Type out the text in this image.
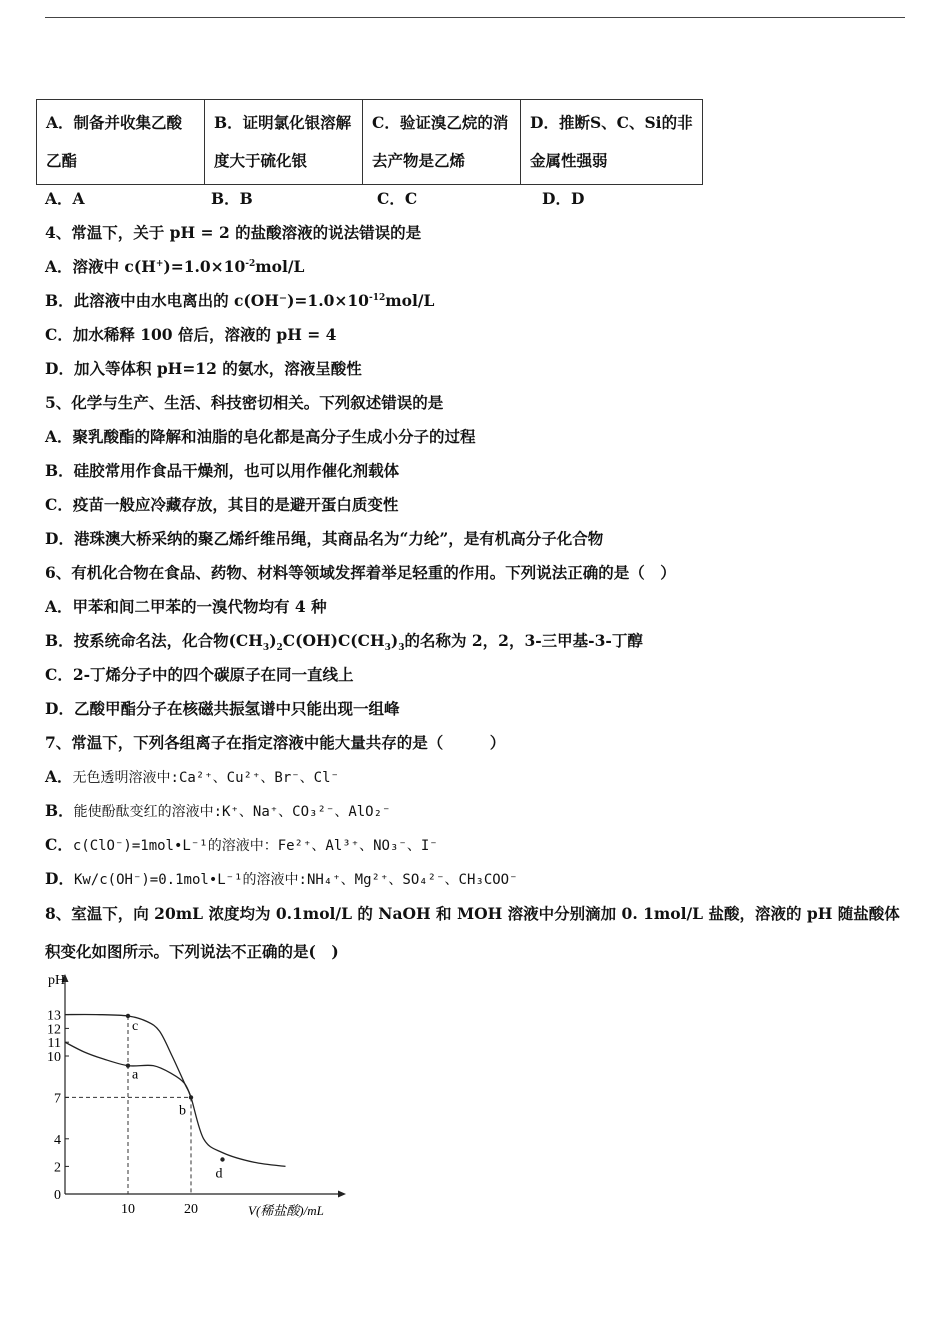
A．制备并收集乙酸乙酯	B．证明氯化银溶解度大于硫化银	C．验证溴乙烷的消去产物是乙烯	D．推断S、C、Si的非金属性强弱
A．A	B．B	C．C	D．D
4、常温下，关于 pH = 2 的盐酸溶液的说法错误的是
A．溶液中 $c(H^+)=1.0\times 10^{-2}mol/L$
B．此溶液中由水电离出的 $c(OH^-)=1.0\times 10^{-12}mol/L$
C．加水稀释 100 倍后，溶液的 pH = 4
D．加入等体积 pH=12 的氨水，溶液呈酸性
5、化学与生产、生活、科技密切相关。下列叙述错误的是
A．聚乳酸酯的降解和油脂的皂化都是高分子生成小分子的过程
B．硅胶常用作食品干燥剂，也可以用作催化剂载体
C．疫苗一般应冷藏存放，其目的是避开蛋白质变性
D．港珠澳大桥采纳的聚乙烯纤维吊绳，其商品名为“力纶”，是有机高分子化合物
6、有机化合物在食品、药物、材料等领域发挥着举足轻重的作用。下列说法正确的是（　）
A．甲苯和间二甲苯的一溴代物均有 4 种
B．按系统命名法，化合物$(CH_3)_2C(OH)C(CH_3)_3$的名称为 2，2，3-三甲基-3-丁醇
C．2-丁烯分子中的四个碳原子在同一直线上
D．乙酸甲酯分子在核磁共振氢谱中只能出现一组峰
7、常温下，下列各组离子在指定溶液中能大量共存的是（　　　）
A．无色透明溶液中:Ca²⁺、Cu²⁺、Br⁻、Cl⁻
B．能使酚酞变红的溶液中:K⁺、Na⁺、CO₃²⁻、AlO₂⁻
C．c(ClO⁻)=1mol•L⁻¹的溶液中：Fe²⁺、Al³⁺、NO₃⁻、I⁻
D．Kw/c(OH⁻)=0.1mol•L⁻¹的溶液中:NH₄⁺、Mg²⁺、SO₄²⁻、CH₃COO⁻
8、室温下，向 20mL 浓度均为 0.1mol/L 的 NaOH 和 MOH 溶液中分别滴加 0. 1mol/L 盐酸，溶液的 pH 随盐酸体积变化如图所示。下列说法不正确的是(　)
0
2
4
7
10
11
12
13
10	20
c
a
b
d
pH
V(稀盐酸)/mL
